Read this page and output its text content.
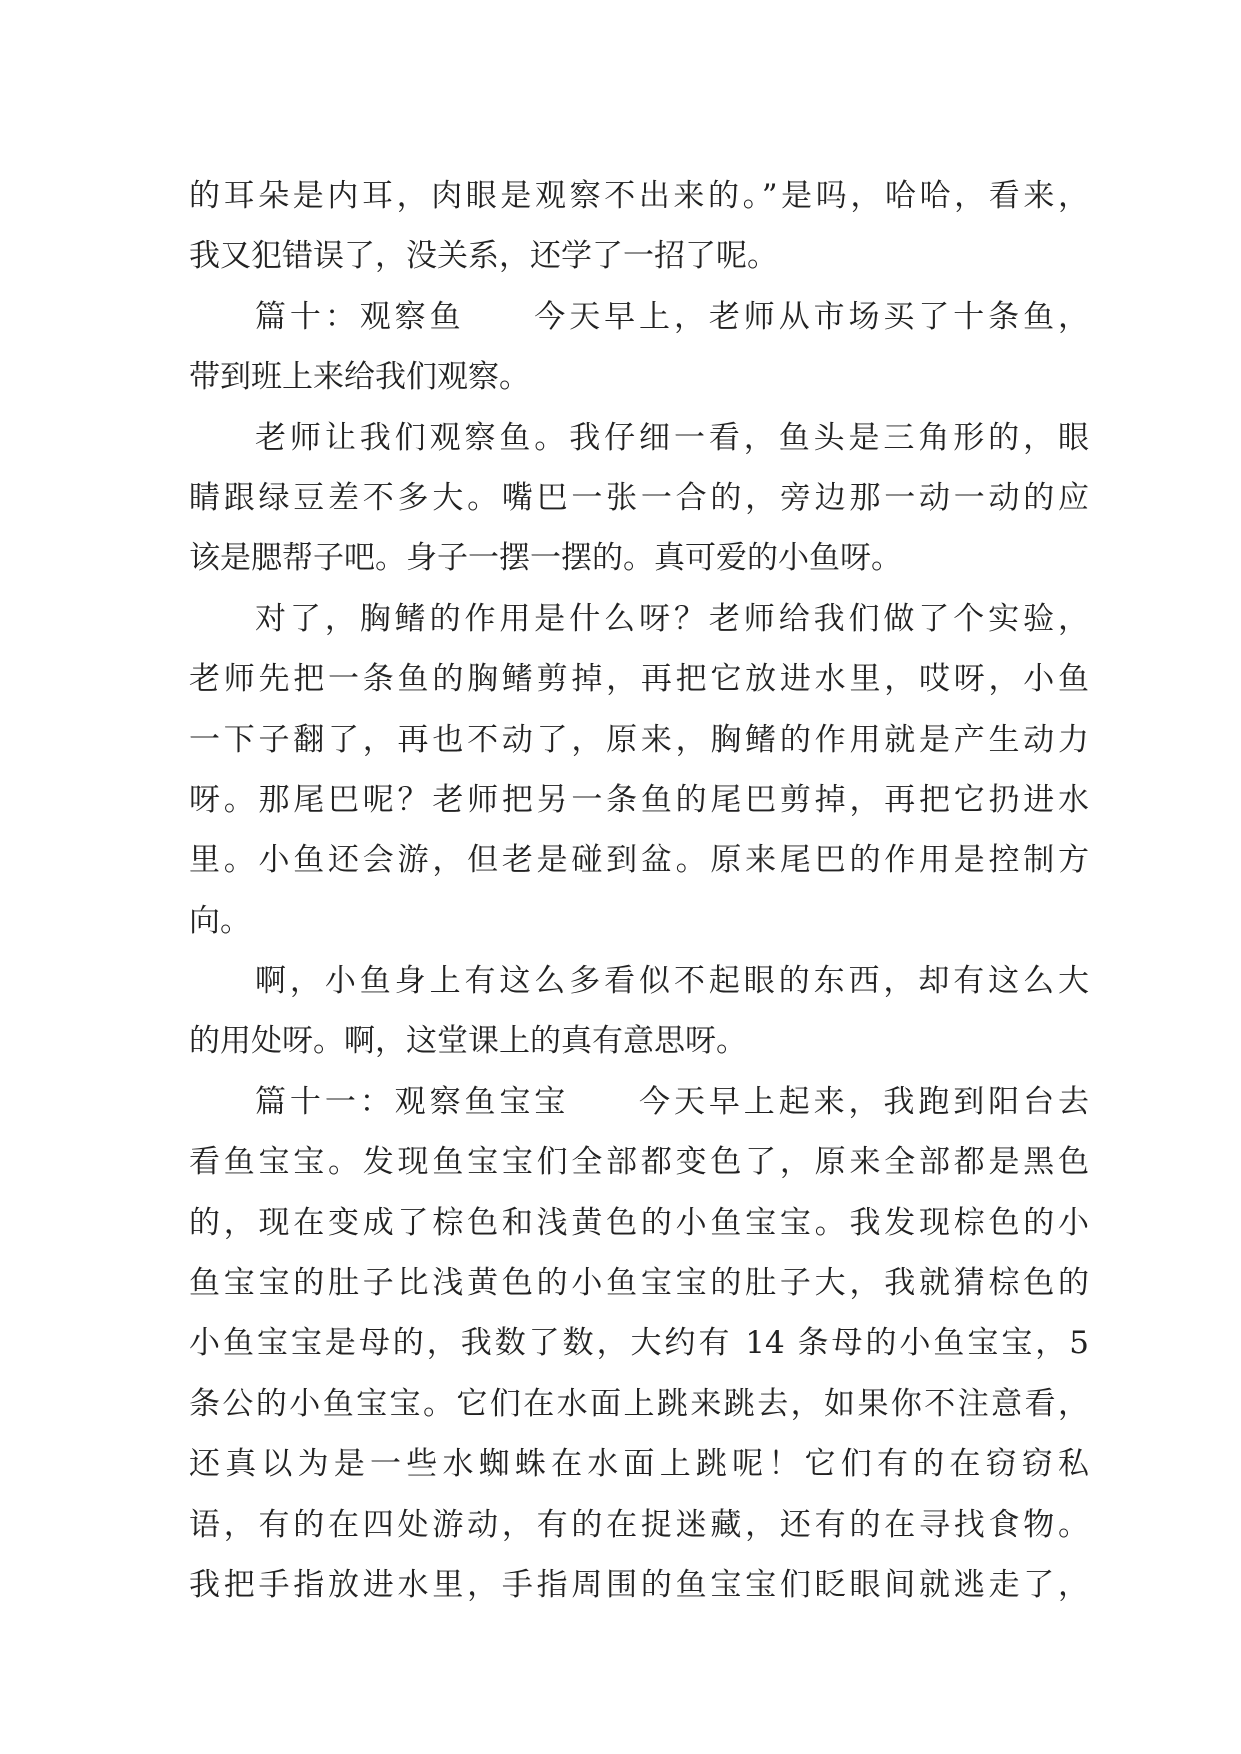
的耳朵是内耳，肉眼是观察不出来的。”是吗，哈哈，看来，
我又犯错误了，没关系，还学了一招了呢。
篇十：观察鱼　　今天早上，老师从市场买了十条鱼，
带到班上来给我们观察。
老师让我们观察鱼。我仔细一看，鱼头是三角形的，眼
睛跟绿豆差不多大。嘴巴一张一合的，旁边那一动一动的应
该是腮帮子吧。身子一摆一摆的。真可爱的小鱼呀。
对了，胸鳍的作用是什么呀？老师给我们做了个实验，
老师先把一条鱼的胸鳍剪掉，再把它放进水里，哎呀，小鱼
一下子翻了，再也不动了，原来，胸鳍的作用就是产生动力
呀。那尾巴呢？老师把另一条鱼的尾巴剪掉，再把它扔进水
里。小鱼还会游，但老是碰到盆。原来尾巴的作用是控制方
向。
啊，小鱼身上有这么多看似不起眼的东西，却有这么大
的用处呀。啊，这堂课上的真有意思呀。
篇十一：观察鱼宝宝　　今天早上起来，我跑到阳台去
看鱼宝宝。发现鱼宝宝们全部都变色了，原来全部都是黑色
的，现在变成了棕色和浅黄色的小鱼宝宝。我发现棕色的小
鱼宝宝的肚子比浅黄色的小鱼宝宝的肚子大，我就猜棕色的
小鱼宝宝是母的，我数了数，大约有 14 条母的小鱼宝宝，5
条公的小鱼宝宝。它们在水面上跳来跳去，如果你不注意看，
还真以为是一些水蜘蛛在水面上跳呢！它们有的在窃窃私
语，有的在四处游动，有的在捉迷藏，还有的在寻找食物。
我把手指放进水里，手指周围的鱼宝宝们眨眼间就逃走了，
